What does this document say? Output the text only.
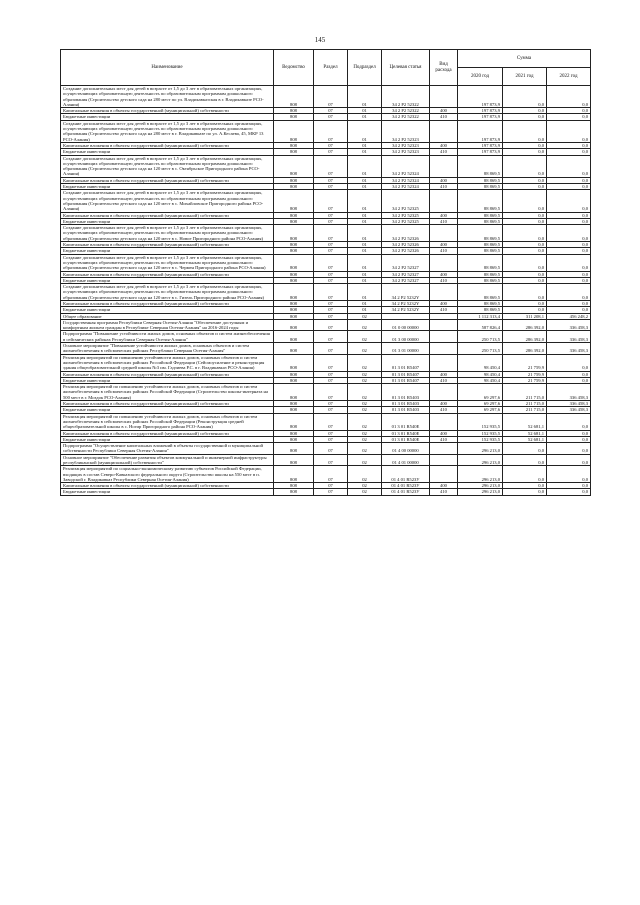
145
Наименование	Ведомство	Раздел	Подраздел	Целевая статья	Вид расхода	Сумма		
						2020 год	2021 год	2022 год
Создание дополнительных мест для детей в возрасте от 1,5 до 3 лет в образовательных организациях, осуществляющих образовательную деятельность по образовательным программам дошкольного образования (Строительство детского сада на 280 мест по ул. Владикавказская в г. Владикавказе РСО-Алания)	808	07	01	34 2 P2 52322		197 873,9	0,0	0,0
Капитальные вложения в объекты государственной (муниципальной) собственности	808	07	01	34 2 P2 52322	400	197 873,9	0,0	0,0
Бюджетные инвестиции	808	07	01	34 2 P2 52322	410	197 873,9	0,0	0,0
Создание дополнительных мест для детей в возрасте от 1,5 до 3 лет в образовательных организациях, осуществляющих образовательную деятельность по образовательным программам дошкольного образования (Строительство детского сада на 280 мест в г. Владикавказе по ул. А.Кесаева, 45, МКР 13 РСО-Алания)	808	07	01	34 2 P2 52323		197 873,9	0,0	0,0
Капитальные вложения в объекты государственной (муниципальной) собственности	808	07	01	34 2 P2 52323	400	197 873,9	0,0	0,0
Бюджетные инвестиции	808	07	01	34 2 P2 52323	410	197 873,9	0,0	0,0
Создание дополнительных мест для детей в возрасте от 1,5 до 3 лет в образовательных организациях, осуществляющих образовательную деятельность по образовательным программам дошкольного образования (Строительство детского сада на 120 мест в с. Октябрьское Пригородного района РСО-Алания)	808	07	01	34 2 P2 52324		88 869,5	0,0	0,0
Капитальные вложения в объекты государственной (муниципальной) собственности	808	07	01	34 2 P2 52324	400	88 869,5	0,0	0,0
Бюджетные инвестиции	808	07	01	34 2 P2 52324	410	88 869,5	0,0	0,0
Создание дополнительных мест для детей в возрасте от 1,5 до 3 лет в образовательных организациях, осуществляющих образовательную деятельность по образовательным программам дошкольного образования (Строительство детского сада на 120 мест в с. Михайловское Пригородного района РСО-Алания)	808	07	01	34 2 P2 52325		88 869,5	0,0	0,0
Капитальные вложения в объекты государственной (муниципальной) собственности	808	07	01	34 2 P2 52325	400	88 869,5	0,0	0,0
Бюджетные инвестиции	808	07	01	34 2 P2 52325	410	88 869,5	0,0	0,0
Создание дополнительных мест для детей в возрасте от 1,5 до 3 лет в образовательных организациях, осуществляющих образовательную деятельность по образовательным программам дошкольного образования (Строительство детского сада на 120 мест в с. Новое Пригородного района РСО-Алания)	808	07	01	34 2 P2 52326		88 869,5	0,0	0,0
Капитальные вложения в объекты государственной (муниципальной) собственности	808	07	01	34 2 P2 52326	400	88 869,5	0,0	0,0
Бюджетные инвестиции	808	07	01	34 2 P2 52326	410	88 869,5	0,0	0,0
Создание дополнительных мест для детей в возрасте от 1,5 до 3 лет в образовательных организациях, осуществляющих образовательную деятельность по образовательным программам дошкольного образования (Строительство детского сада на 120 мест в с. Чермен Пригородного района РСО-Алания)	808	07	01	34 2 P2 52327		88 869,5	0,0	0,0
Капитальные вложения в объекты государственной (муниципальной) собственности	808	07	01	34 2 P2 52327	400	88 869,5	0,0	0,0
Бюджетные инвестиции	808	07	01	34 2 P2 52327	410	88 869,5	0,0	0,0
Создание дополнительных мест для детей в возрасте от 1,5 до 3 лет в образовательных организациях, осуществляющих образовательную деятельность по образовательным программам дошкольного образования (Строительство детского сада на 120 мест в с. Гизель Пригородного района РСО-Алания)	808	07	01	34 2 P2 5232Y		88 869,5	0,0	0,0
Капитальные вложения в объекты государственной (муниципальной) собственности	808	07	01	34 2 P2 5232Y	400	88 869,5	0,0	0,0
Бюджетные инвестиции	808	07	01	34 2 P2 5232Y	410	88 869,5	0,0	0,0
Общее образование	808	07	02			1 112 313,4	311 208,1	456 248,2
Государственная программа Республики Северная Осетия-Алания "Обеспечение доступным и комфортным жильем граждан в Республике Северная Осетия-Алания" на 2016-2024 годы	808	07	02	01 0 00 00000		587 826,4	286 392,0	336 458,3
Подпрограмма "Повышение устойчивости жилых домов, основных объектов и систем жизнеобеспечения в сейсмических районах Республики Северная Осетия-Алания"	808	07	02	01 3 00 00000		250 713,5	286 392,0	336 458,3
Основное мероприятие "Повышение устойчивости жилых домов, основных объектов и систем жизнеобеспечения в сейсмических районах Республики Северная Осетия-Алания"	808	07	02	01 3 01 00000		250 713,5	286 392,0	336 458,3
Реализация мероприятий по повышению устойчивости жилых домов, основных объектов и систем жизнеобеспечения в сейсмических районах Российской Федерации (Сейсмоусиление и реконструкция здания общеобразовательной средней школы №3 им. Гадзиева Р.С. в г. Владикавказ РСО-Алания)	808	07	02	01 3 01 R5407		98 450,4	21 759,9	0,0
Капитальные вложения в объекты государственной (муниципальной) собственности	808	07	02	01 3 01 R5407	400	98 450,4	21 759,9	0,0
Бюджетные инвестиции	808	07	02	01 3 01 R5407	410	98 450,4	21 759,9	0,0
Реализация мероприятий по повышению устойчивости жилых домов, основных объектов и систем жизнеобеспечения в сейсмических районах Российской Федерации (Строительство школы-интерната на 500 мест в г. Моздок РСО-Алания)	808	07	02	01 3 01 R5403		69 297,6	211 715,0	336 458,3
Капитальные вложения в объекты государственной (муниципальной) собственности	808	07	02	01 3 01 R5403	400	69 297,6	211 715,0	336 458,3
Бюджетные инвестиции	808	07	02	01 3 01 R5403	410	69 297,6	211 715,0	336 458,3
Реализация мероприятий по повышению устойчивости жилых домов, основных объектов и систем жизнеобеспечения в сейсмических районах Российской Федерации (Реконструкция средней общеобразовательной школы в с. Ногир Пригородного района РСО-Алания)	808	07	02	01 3 01 R540Е		152 935,5	52 681,1	0,0
Капитальные вложения в объекты государственной (муниципальной) собственности	808	07	02	01 3 01 R540Е	400	152 935,5	52 681,1	0,0
Бюджетные инвестиции	808	07	02	01 3 01 R540Е	410	152 935,5	52 681,1	0,0
Подпрограмма "Осуществление капитальных вложений в объекты государственной и муниципальной собственности Республики Северная Осетия-Алания"	808	07	02	01 4 00 00000		296 213,0	0,0	0,0
Основное мероприятие "Обеспечение развития объектов коммунальной и инженерной инфраструктуры республиканской (муниципальной) собственности"	808	07	02	01 4 01 00000		296 213,0	0,0	0,0
Реализация мероприятий по социально-экономическому развитию субъектов Российской Федерации, входящих в состав Северо-Кавказского федерального округа (Строительство школы на 550 мест в п. Заводской г. Владикавказ Республики Северная Осетия-Алания)	808	07	02	01 4 01 R523У		296 213,0	0,0	0,0
Капитальные вложения в объекты государственной (муниципальной) собственности	808	07	02	01 4 01 R523У	400	296 213,0	0,0	0,0
Бюджетные инвестиции	808	07	02	01 4 01 R523У	410	296 213,0	0,0	0,0
